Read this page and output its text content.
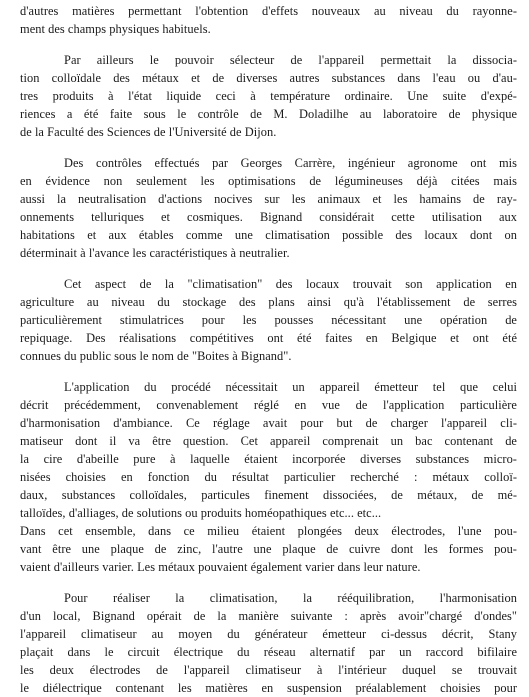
d'autres matières permettant l'obtention d'effets nouveaux au niveau du rayonne-
ment des champs physiques habituels.
Par ailleurs le pouvoir sélecteur de l'appareil permettait la dissocia-
tion colloïdale des métaux et de diverses autres substances dans l'eau ou d'au-
tres produits à l'état liquide ceci à température ordinaire. Une suite d'expé-
riences a été faite sous le contrôle de M. Doladilhe au laboratoire de physique
de la Faculté des Sciences de l'Université de Dijon.
Des contrôles effectués par Georges Carrère, ingénieur agronome ont mis
en évidence non seulement les optimisations de légumineuses déjà citées mais
aussi la neutralisation d'actions nocives sur les animaux et les hamains de ray-
onnements telluriques et cosmiques. Bignand considérait cette utilisation aux
habitations et aux étables comme une climatisation possible des locaux dont on
déterminait à l'avance les caractéristiques à neutralier.
Cet aspect de la "climatisation" des locaux trouvait son application en
agriculture au niveau du stockage des plans ainsi qu'à l'établissement de serres
particulièrement stimulatrices pour les pousses nécessitant une opération de
repiquage. Des réalisations compétitives ont été faites en Belgique et ont été
connues du public sous le nom de "Boites à Bignand".
L'application du procédé nécessitait un appareil émetteur tel que celui
décrit précédemment, convenablement réglé en vue de l'application particulière
d'harmonisation d'ambiance. Ce réglage avait pour but de charger l'appareil cli-
matiseur dont il va être question. Cet appareil comprenait un bac contenant de
la cire d'abeille pure à laquelle étaient incorporée diverses substances micro-
nisées choisies en fonction du résultat particulier recherché : métaux colloï-
daux, substances colloïdales, particules finement dissociées, de métaux, de mé-
talloïdes, d'alliages, de solutions ou produits homéopathiques etc... etc...
Dans cet ensemble, dans ce milieu étaient plongées deux électrodes, l'une pou-
vant être une plaque de zinc, l'autre une plaque de cuivre dont les formes pou-
vaient d'ailleurs varier. Les métaux pouvaient également varier dans leur nature.
Pour réaliser la climatisation, la rééquilibration, l'harmonisation
d'un local, Bignand opérait de la manière suivante : après avoir"chargé d'ondes"
l'appareil climatiseur au moyen du générateur émetteur ci-dessus décrit, Stany
plaçait dans le circuit électrique du réseau alternatif par un raccord bifilaire
les deux électrodes de l'appareil climatiseur à l'intérieur duquel se trouvait
le diélectrique contenant les matières en suspension préalablement choisies pour
